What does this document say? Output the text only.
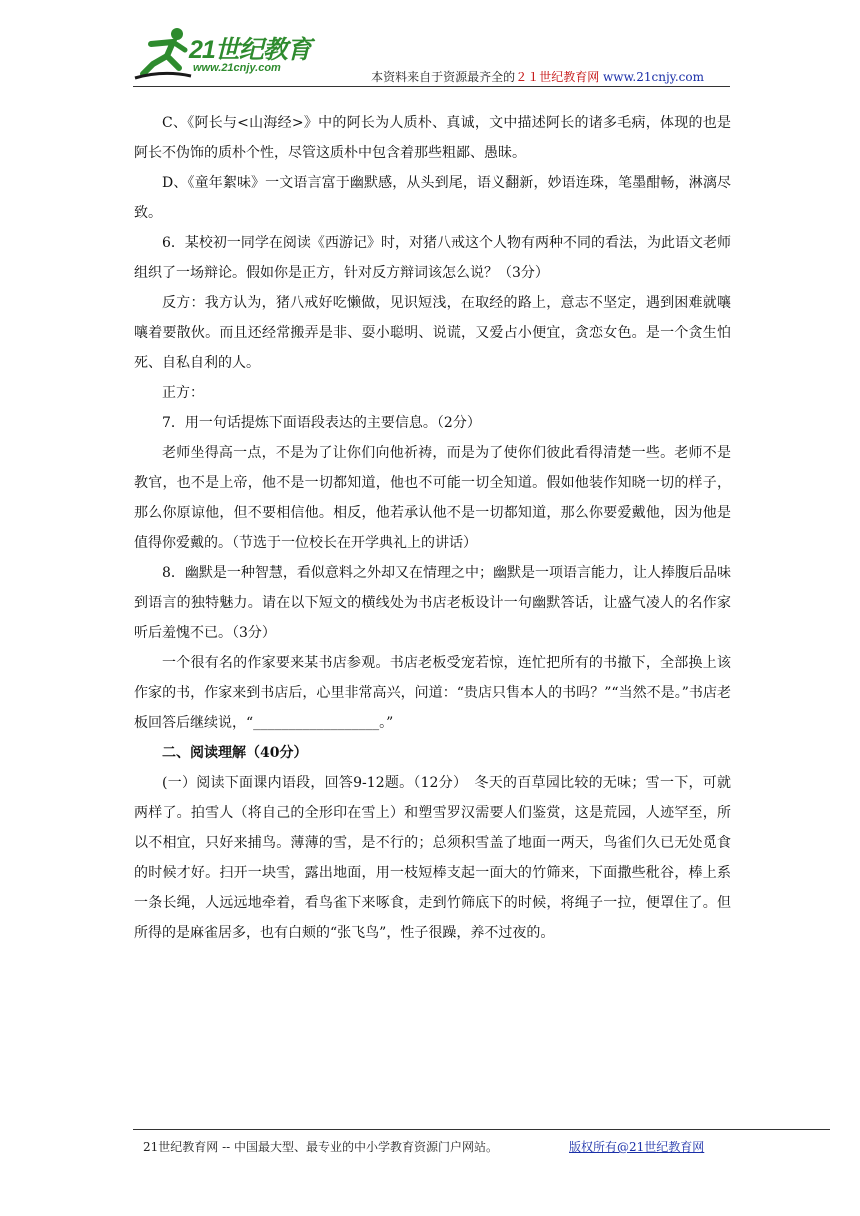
21世纪教育
www.21cnjy.com
本资料来自于资源最齐全的２１世纪教育网 www.21cnjy.com

C、《阿长与<山海经>》中的阿长为人质朴、真诚，文中描述阿长的诸多毛病，体现的也是阿长不伪饰的质朴个性，尽管这质朴中包含着那些粗鄙、愚昧。

D、《童年絮味》一文语言富于幽默感，从头到尾，语义翻新，妙语连珠，笔墨酣畅，淋漓尽致。

6．某校初一同学在阅读《西游记》时，对猪八戒这个人物有两种不同的看法，为此语文老师组织了一场辩论。假如你是正方，针对反方辩词该怎么说？（3分）

反方：我方认为，猪八戒好吃懒做，见识短浅，在取经的路上，意志不坚定，遇到困难就嚷嚷着要散伙。而且还经常搬弄是非、耍小聪明、说谎，又爱占小便宜，贪恋女色。是一个贪生怕死、自私自利的人。

正方：

7．用一句话提炼下面语段表达的主要信息。（2分）

老师坐得高一点，不是为了让你们向他祈祷，而是为了使你们彼此看得清楚一些。老师不是教官，也不是上帝，他不是一切都知道，他也不可能一切全知道。假如他装作知晓一切的样子，那么你原谅他，但不要相信他。相反，他若承认他不是一切都知道，那么你要爱戴他，因为他是值得你爱戴的。（节选于一位校长在开学典礼上的讲话）

8．幽默是一种智慧，看似意料之外却又在情理之中；幽默是一项语言能力，让人捧腹后品味到语言的独特魅力。请在以下短文的横线处为书店老板设计一句幽默答话，让盛气凌人的名作家听后羞愧不已。（3分）

一个很有名的作家要来某书店参观。书店老板受宠若惊，连忙把所有的书撤下，全部换上该作家的书，作家来到书店后，心里非常高兴，问道：“贵店只售本人的书吗？”“当然不是。”书店老板回答后继续说，“__________________。”

二、阅读理解（40分）

(一）阅读下面课内语段，回答9-12题。（12分）　冬天的百草园比较的无味；雪一下，可就两样了。拍雪人（将自己的全形印在雪上）和塑雪罗汉需要人们鉴赏，这是荒园，人迹罕至，所以不相宜，只好来捕鸟。薄薄的雪，是不行的；总须积雪盖了地面一两天，鸟雀们久已无处觅食的时候才好。扫开一块雪，露出地面，用一枝短棒支起一面大的竹筛来，下面撒些秕谷，棒上系一条长绳，人远远地牵着，看鸟雀下来啄食，走到竹筛底下的时候，将绳子一拉，便罩住了。但所得的是麻雀居多，也有白颊的“张飞鸟”，性子很躁，养不过夜的。

21世纪教育网 -- 中国最大型、最专业的中小学教育资源门户网站。	版权所有@21世纪教育网
